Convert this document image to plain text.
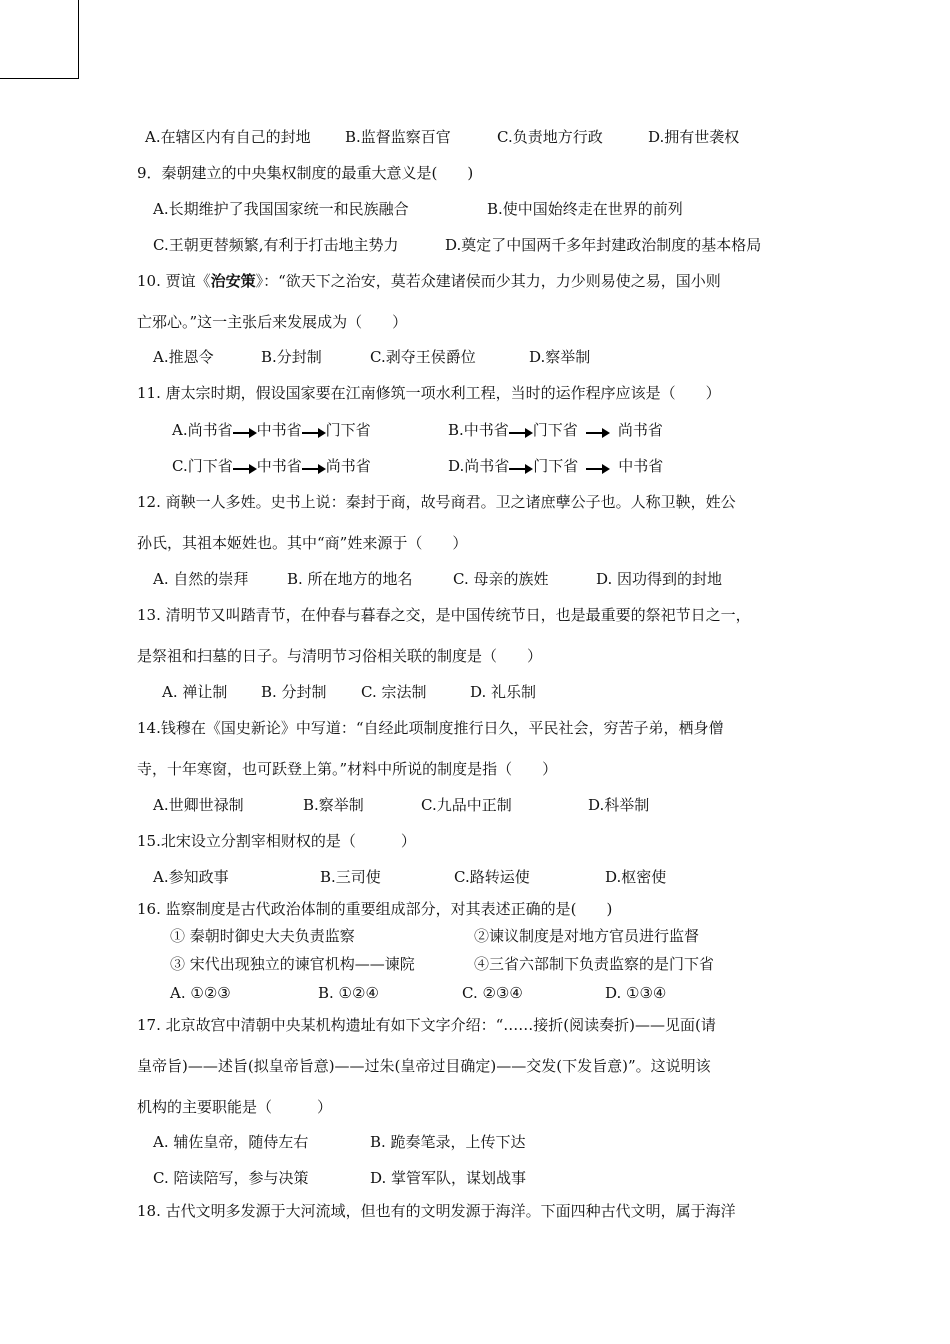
A.在辖区内有自己的封地 B.监督监察百官	C.负责地方行政	D.拥有世袭权
9．秦朝建立的中央集权制度的最重大意义是(　　)
A.长期维护了我国国家统一和民族融合	B.使中国始终走在世界的前列
C.王朝更替频繁,有利于打击地主势力	D.奠定了中国两千多年封建政治制度的基本格局
10. 贾谊《治安策》：“欲天下之治安，莫若众建诸侯而少其力，力少则易使之易，国小则
亡邪心。”这一主张后来发展成为（　　）
A.推恩令	B.分封制	C.剥夺王侯爵位	D.察举制
11. 唐太宗时期，假设国家要在江南修筑一项水利工程，当时的运作程序应该是（　　）
A.尚书省 中书省 门下省	B.中书省 门下省	尚书省
C.门下省 中书省 尚书省	D.尚书省 门下省	中书省
12. 商鞅一人多姓。史书上说：秦封于商，故号商君。卫之诸庶孽公子也。人称卫鞅，姓公
孙氏，其祖本姬姓也。其中“商”姓来源于（　　）
A. 自然的崇拜	B. 所在地方的地名	C. 母亲的族姓	D. 因功得到的封地
13. 清明节又叫踏青节，在仲春与暮春之交，是中国传统节日，也是最重要的祭祀节日之一，
是祭祖和扫墓的日子。与清明节习俗相关联的制度是（　　）
A. 禅让制 B. 分封制 C. 宗法制	D. 礼乐制
14.钱穆在《国史新论》中写道：“自经此项制度推行日久，平民社会，穷苦子弟，栖身僧
寺，十年寒窗，也可跃登上第。”材料中所说的制度是指（　　）
A.世卿世禄制	B.察举制	C.九品中正制	D.科举制
15.北宋设立分割宰相财权的是（　　　）
A.参知政事	B.三司使	C.路转运使	D.枢密使
16. 监察制度是古代政治体制的重要组成部分，对其表述正确的是(　　)
① 秦朝时御史大夫负责监察	②谏议制度是对地方官员进行监督
③ 宋代出现独立的谏官机构——谏院	④三省六部制下负责监察的是门下省
A. ①②③	B. ①②④	C. ②③④	D. ①③④
17. 北京故宫中清朝中央某机构遗址有如下文字介绍：“……接折(阅读奏折)——见面(请
皇帝旨)——述旨(拟皇帝旨意)——过朱(皇帝过目确定)——交发(下发旨意)”。这说明该
机构的主要职能是（　　　）
A. 辅佐皇帝，随侍左右	B. 跪奏笔录，上传下达
C. 陪读陪写，参与决策	D. 掌管军队，谋划战事
18. 古代文明多发源于大河流域，但也有的文明发源于海洋。下面四种古代文明，属于海洋
